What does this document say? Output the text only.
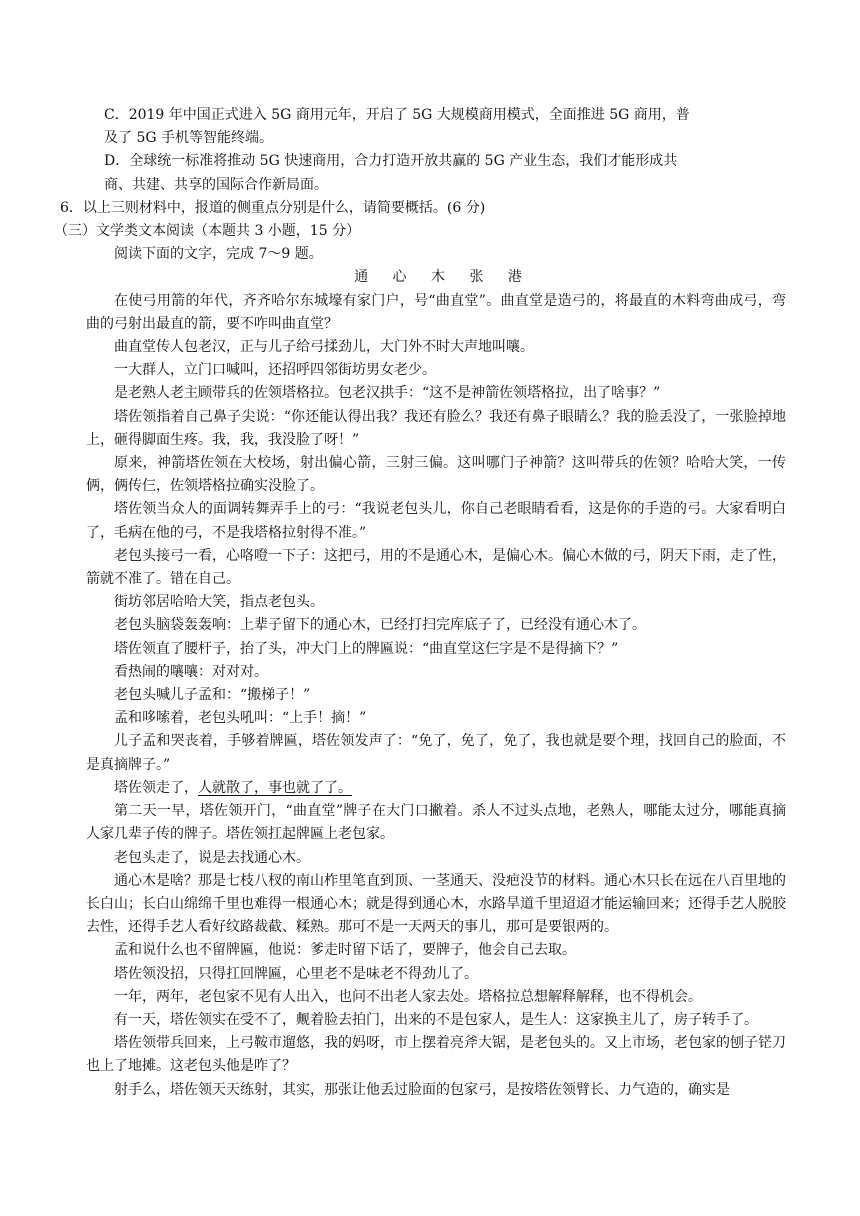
C．2019 年中国正式进入 5G 商用元年，开启了 5G 大规模商用模式，全面推进 5G 商用，普
及了 5G 手机等智能终端。
D．全球统一标准将推动 5G 快速商用，合力打造开放共赢的 5G 产业生态，我们才能形成共
商、共建、共享的国际合作新局面。
6．以上三则材料中，报道的侧重点分别是什么，请简要概括。(6 分)
（三）文学类文本阅读（本题共 3 小题，15 分）
阅读下面的文字，完成 7～9 题。
通 心 木 张 港
在使弓用箭的年代，齐齐哈尔东城壕有家门户，号“曲直堂”。曲直堂是造弓的，将最直的木料弯曲成弓，弯曲的弓射出最直的箭，要不咋叫曲直堂？
曲直堂传人包老汉，正与儿子给弓揉劲儿，大门外不时大声地叫嚷。
一大群人，立门口喊叫，还招呼四邻街坊男女老少。
是老熟人老主顾带兵的佐领塔格拉。包老汉拱手：“这不是神箭佐领塔格拉，出了啥事？”
塔佐领指着自己鼻子尖说：“你还能认得出我？我还有脸么？我还有鼻子眼睛么？我的脸丢没了，一张脸掉地上，砸得脚面生疼。我，我，我没脸了呀！”
原来，神箭塔佐领在大校场，射出偏心箭，三射三偏。这叫哪门子神箭？这叫带兵的佐领？哈哈大笑，一传俩，俩传仨，佐领塔格拉确实没脸了。
塔佐领当众人的面调转舞弄手上的弓：“我说老包头儿，你自己老眼睛看看，这是你的手造的弓。大家看明白了，毛病在他的弓，不是我塔格拉射得不准。”
老包头接弓一看，心咯噔一下子：这把弓，用的不是通心木，是偏心木。偏心木做的弓，阴天下雨，走了性，箭就不准了。错在自己。
街坊邻居哈哈大笑，指点老包头。
老包头脑袋轰轰响：上辈子留下的通心木，已经打扫完库底子了，已经没有通心木了。
塔佐领直了腰杆子，抬了头，冲大门上的牌匾说：“曲直堂这仨字是不是得摘下？”
看热闹的嚷嚷：对对对。
老包头喊儿子孟和：“搬梯子！”
孟和哆嗦着，老包头吼叫：“上手！摘！”
儿子孟和哭丧着，手够着牌匾，塔佐领发声了：“免了，免了，免了，我也就是要个理，找回自己的脸面，不是真摘牌子。”
塔佐领走了，人就散了，事也就了了。
第二天一早，塔佐领开门，“曲直堂”牌子在大门口撇着。杀人不过头点地，老熟人，哪能太过分，哪能真摘人家几辈子传的牌子。塔佐领扛起牌匾上老包家。
老包头走了，说是去找通心木。
通心木是啥？那是七枝八杈的南山柞里笔直到顶、一茎通天、没疤没节的材料。通心木只长在远在八百里地的长白山；长白山绵绵千里也难得一根通心木；就是得到通心木，水路旱道千里迢迢才能运输回来；还得手艺人脱胶去性，还得手艺人看好纹路裁截、糅熟。那可不是一天两天的事儿，那可是要银两的。
孟和说什么也不留牌匾，他说：爹走时留下话了，要牌子，他会自己去取。
塔佐领没招，只得扛回牌匾，心里老不是味老不得劲儿了。
一年，两年，老包家不见有人出入，也问不出老人家去处。塔格拉总想解释解释，也不得机会。
有一天，塔佐领实在受不了，觍着脸去拍门，出来的不是包家人，是生人：这家换主儿了，房子转手了。
塔佐领带兵回来，上弓鞍市遛悠，我的妈呀，市上摆着亮斧大锯，是老包头的。又上市场，老包家的刨子铓刀也上了地摊。这老包头他是咋了？
射手么，塔佐领天天练射，其实，那张让他丢过脸面的包家弓，是按塔佐领臂长、力气造的，确实是
